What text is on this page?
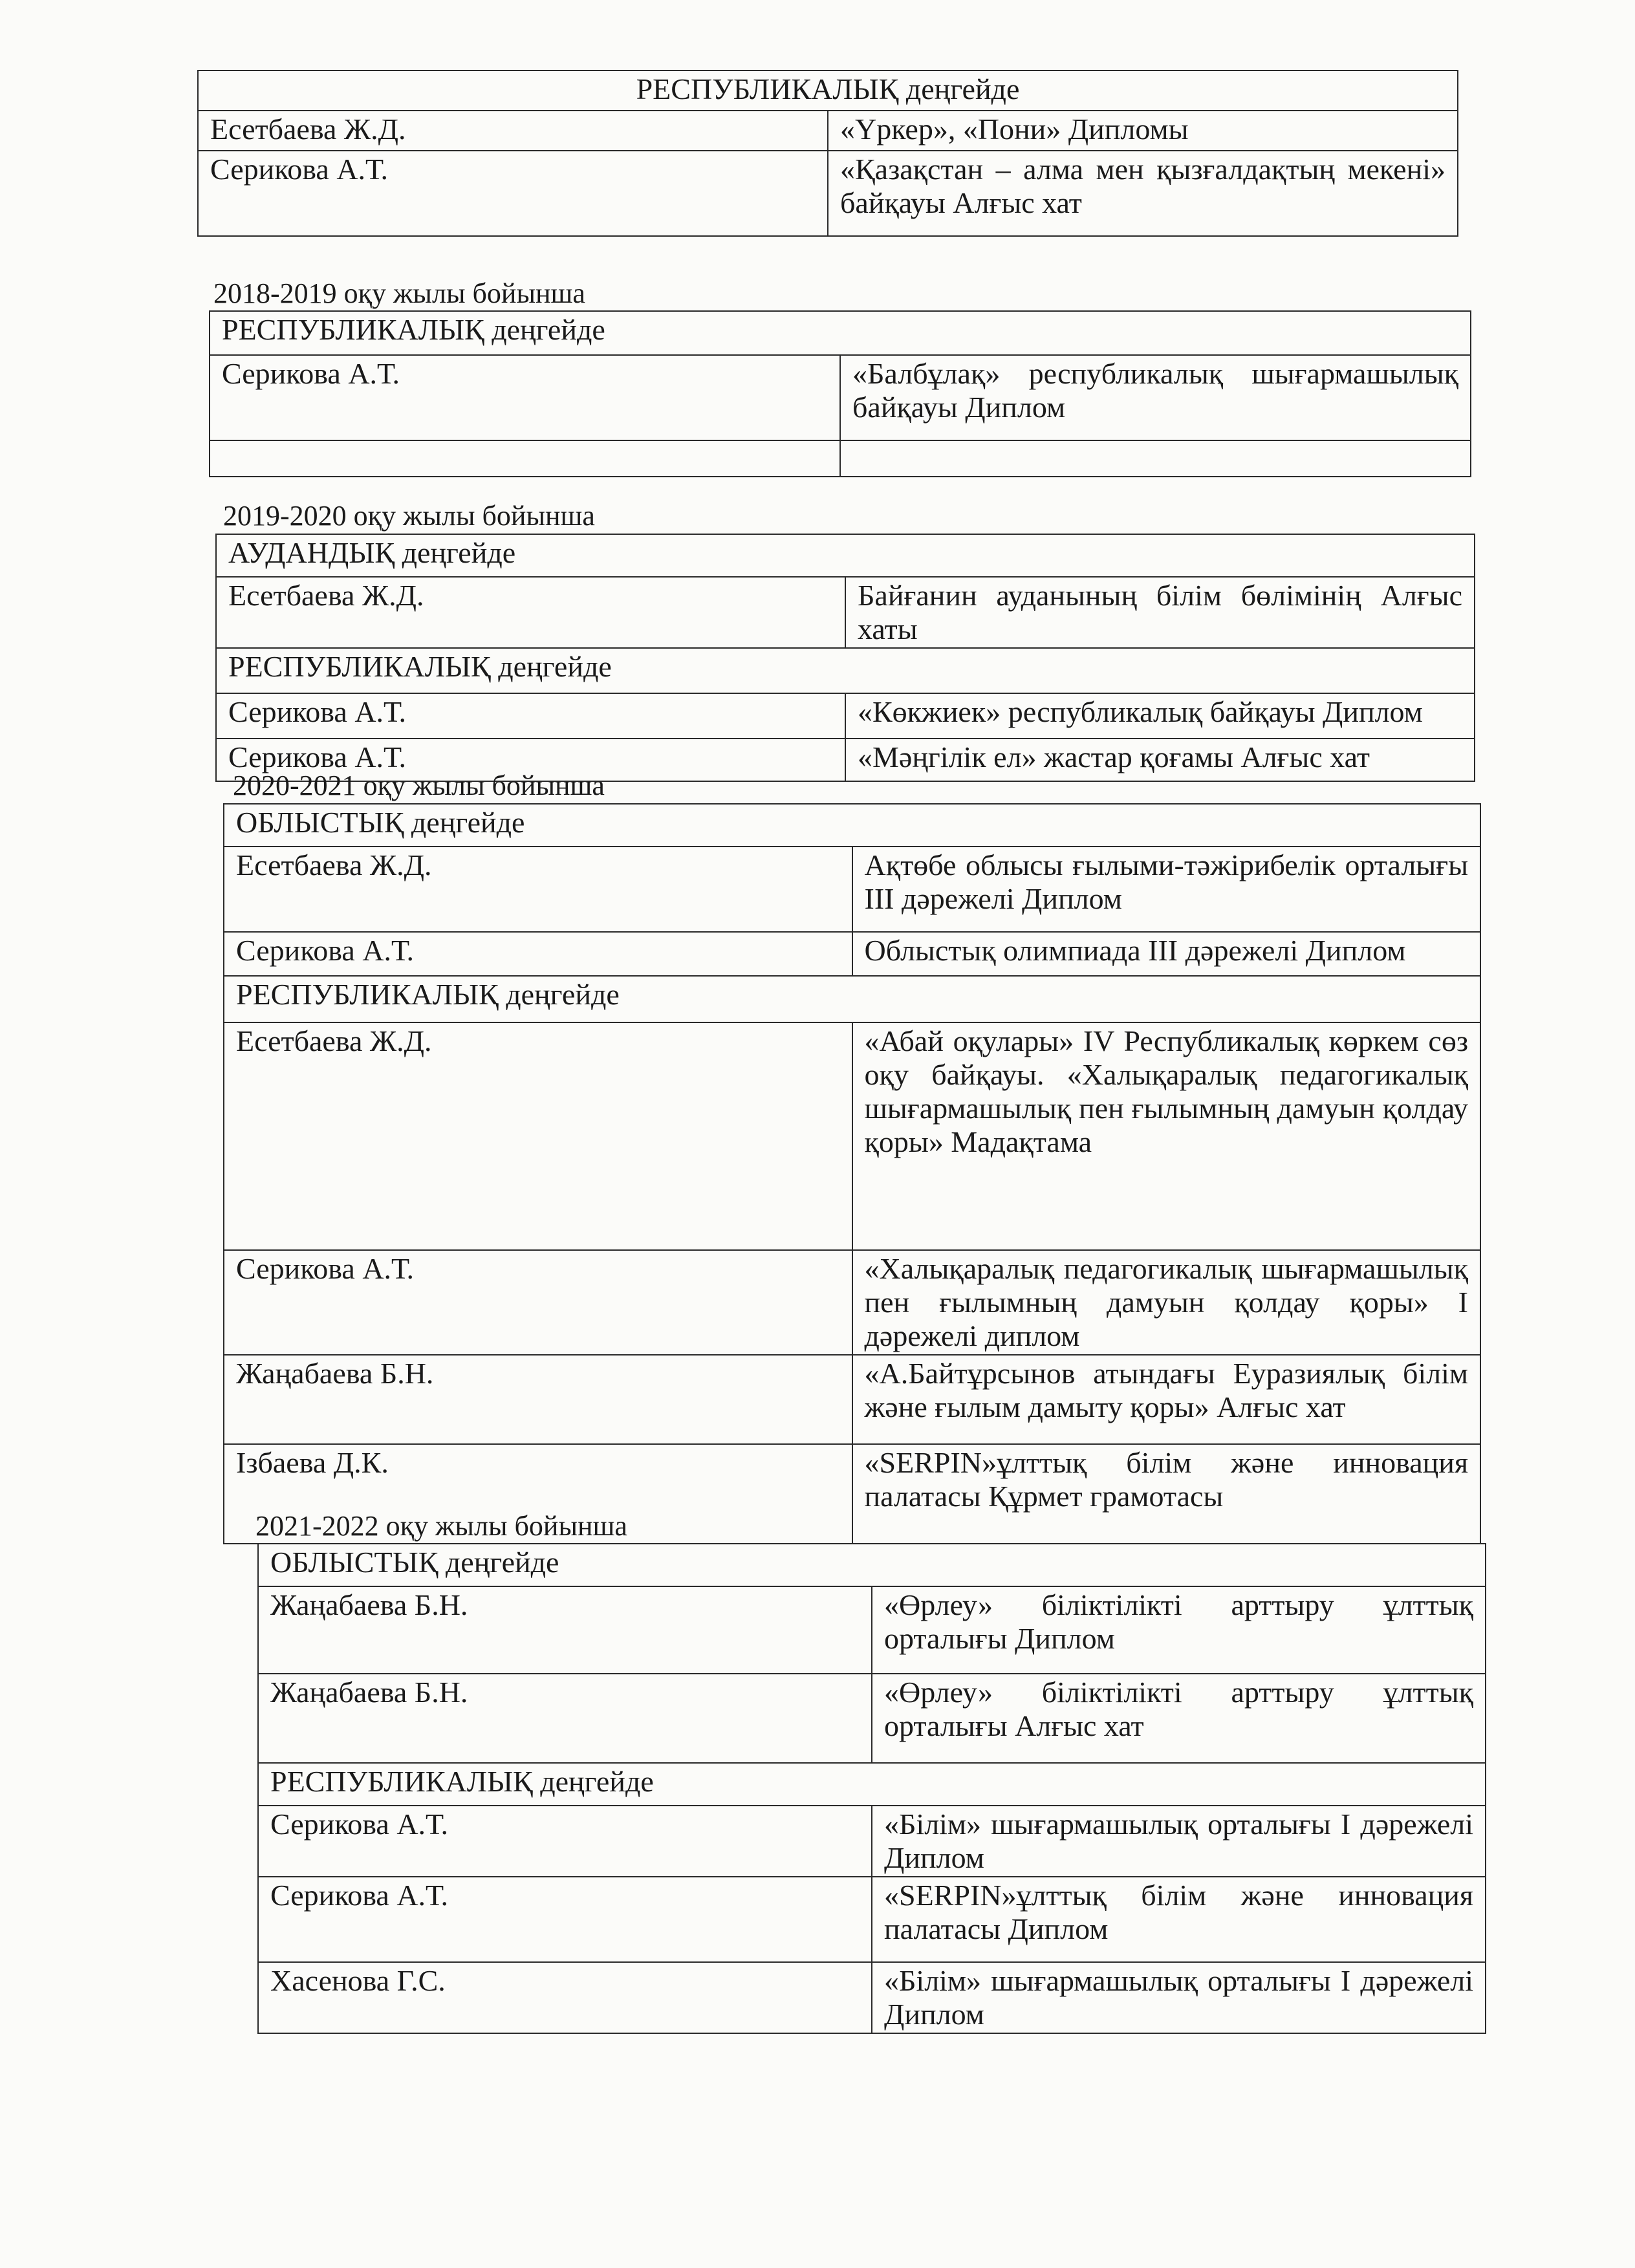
РЕСПУБЛИКАЛЫҚ деңгейде	
Есетбаева Ж.Д.	«Үркер», «Пони» Дипломы
Серикова А.Т.	«Қазақстан – алма мен қызғалдақтың мекені» байқауы Алғыс хат
2018-2019 оқу жылы бойынша
РЕСПУБЛИКАЛЫҚ деңгейде	
Серикова А.Т.	«Балбұлақ» республикалық шығармашылық байқауы Диплом

2019-2020 оқу жылы бойынша
АУДАНДЫҚ деңгейде	
Есетбаева Ж.Д.	Байғанин ауданының білім бөлімінің Алғыс хаты
РЕСПУБЛИКАЛЫҚ деңгейде	
Серикова А.Т.	«Көкжиек» республикалық байқауы Диплом
Серикова А.Т.	«Мәңгілік ел» жастар қоғамы Алғыс хат
2020-2021 оқу жылы бойынша
ОБЛЫСТЫҚ деңгейде	
Есетбаева Ж.Д.	Ақтөбе облысы ғылыми-тәжірибелік орталығы ІІІ дәрежелі Диплом
Серикова А.Т.	Облыстық олимпиада ІІІ дәрежелі Диплом
РЕСПУБЛИКАЛЫҚ деңгейде	
Есетбаева Ж.Д.	«Абай оқулары» IV Республикалық көркем сөз оқу байқауы. «Халықаралық педагогикалық шығармашылық пен ғылымның дамуын қолдау қоры» Мадақтама
Серикова А.Т.	«Халықаралық педагогикалық шығармашылық пен ғылымның дамуын қолдау қоры» І дәрежелі диплом
Жаңабаева Б.Н.	«А.Байтұрсынов атындағы Еуразиялық білім және ғылым дамыту қоры» Алғыс хат
Ізбаева Д.К.	«SERPIN»ұлттық білім және инновация палатасы Құрмет грамотасы
2021-2022 оқу жылы бойынша
ОБЛЫСТЫҚ деңгейде	
Жаңабаева Б.Н.	«Өрлеу» біліктілікті арттыру ұлттық орталығы Диплом
Жаңабаева Б.Н.	«Өрлеу» біліктілікті арттыру ұлттық орталығы Алғыс хат
РЕСПУБЛИКАЛЫҚ деңгейде	
Серикова А.Т.	«Білім» шығармашылық орталығы І дәрежелі Диплом
Серикова А.Т.	«SERPIN»ұлттық білім және инновация палатасы Диплом
Хасенова Г.С.	«Білім» шығармашылық орталығы І дәрежелі Диплом
